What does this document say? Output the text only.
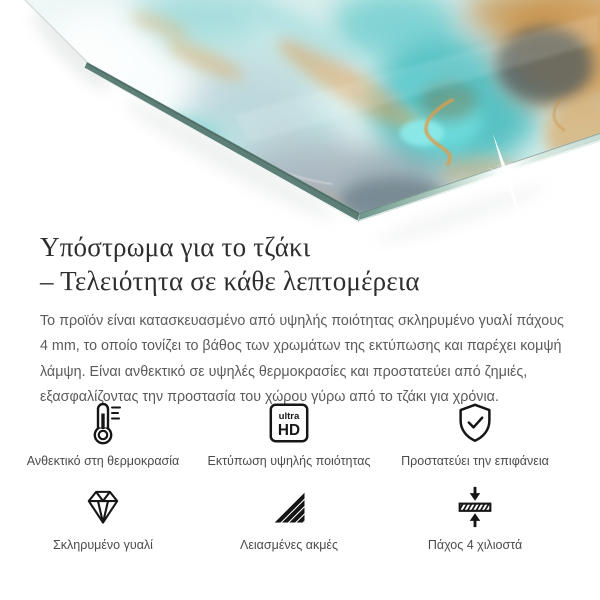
Υπόστρωμα για το τζάκι
– Τελειότητα σε κάθε λεπτομέρεια

Το προϊόν είναι κατασκευασμένο από υψηλής ποιότητας σκληρυμένο γυαλί πάχους 4 mm, το οποίο τονίζει το βάθος των χρωμάτων της εκτύπωσης και παρέχει κομψή λάμψη. Είναι ανθεκτικό σε υψηλές θερμοκρασίες και προστατεύει από ζημιές, εξασφαλίζοντας την προστασία του χώρου γύρω από το τζάκι για χρόνια.

Ανθεκτικό στη θερμοκρασία
ultra
HD
Εκτύπωση υψηλής ποιότητας Προστατεύει την επιφάνεια
Σκληρυμένο γυαλί	Λειασμένες ακμές	Πάχος 4 χιλιοστά
